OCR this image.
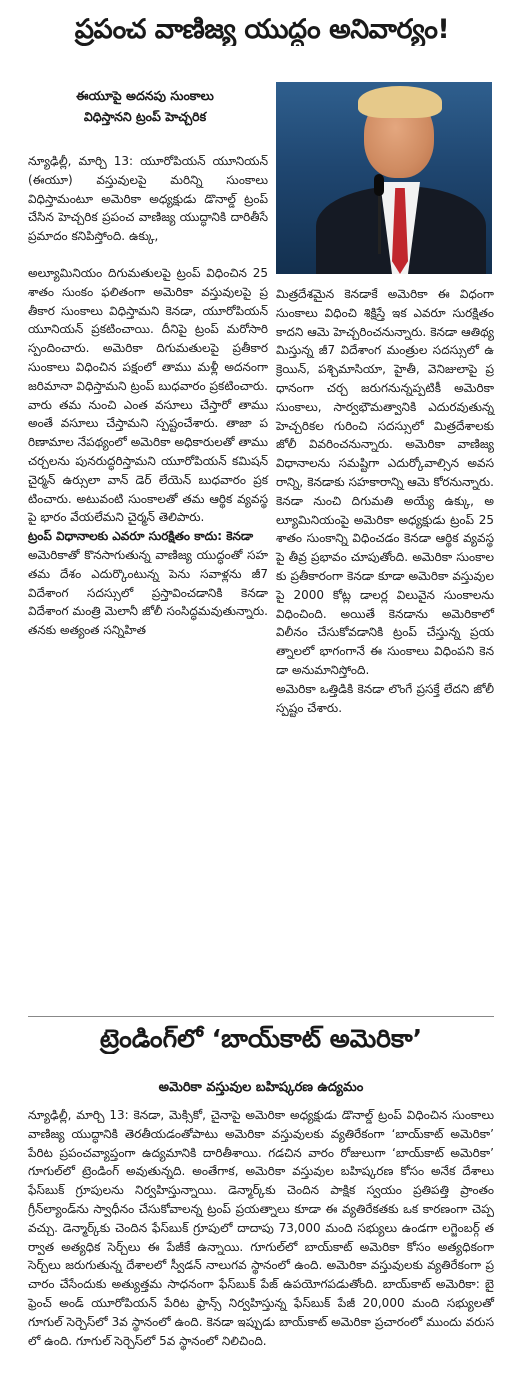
ప్రపంచ వాణిజ్య యుద్ధం అనివార్యం!
ఈయూపై అదనపు సుంకాలు
విధిస్తానని ట్రంప్ హెచ్చరిక

న్యూఢిల్లీ, మార్చి 13: యూరోపియన్ యూనియన్ (ఈయూ) వస్తువులపై మరిన్ని సుంకాలు విధిస్తామంటూ అమెరికా అధ్యక్షుడు డొనాల్డ్ ట్రంప్ చేసిన హెచ్చరిక ప్రపంచ వాణిజ్య యుద్ధానికి దారితీసే ప్రమాదం కనిపిస్తోంది. ఉక్కు,

అల్యూమినియం దిగుమతులపై ట్రంప్ విధించిన 25 శాతం సుంకం ఫలితంగా అమెరికా వస్తువులపై ప్రతీకార సుంకాలు విధిస్తామని కెనడా, యూరోపియన్ యూనియన్ ప్రకటించాయి. దీనిపై ట్రంప్ మరోసారి స్పందించారు. అమెరికా దిగుమతులపై ప్రతీకార సుంకాలు విధించిన పక్షంలో తాము మళ్లీ అదనంగా జరిమానా విధిస్తామని ట్రంప్ బుధవారం ప్రకటించారు. వారు తమ నుంచి ఎంత వసూలు చేస్తారో తాము అంతే వసూలు చేస్తామని స్పష్టంచేశారు. తాజా పరిణామాల నేపథ్యంలో అమెరికా అధికారులతో తాము చర్చలను పునరుద్ధరిస్తామని యూరోపియన్ కమిషన్ చైర్మన్ ఉర్సులా వాన్ డెర్ లేయెన్ బుధవారం ప్రకటించారు. అటువంటి సుంకాలతో తమ ఆర్థిక వ్యవస్థపై భారం వేయలేమని చైర్మన్ తెలిపారు.

ట్రంప్ విధానాలకు ఎవరూ సురక్షితం కాదు: కెనడా

అమెరికాతో కొనసాగుతున్న వాణిజ్య యుద్ధంతో సహ తమ దేశం ఎదుర్కొంటున్న పెను సవాళ్లను జీ7 విదేశాంగ సదస్సులో ప్రస్తావించడానికి కెనడా విదేశాంగ మంత్రి మెలానీ జోలీ సంసిద్ధమవుతున్నారు. తనకు అత్యంత సన్నిహిత

మిత్రదేశమైన కెనడాకే అమెరికా ఈ విధంగా సుంకాలు విధించి శిక్షిస్తే ఇక ఎవరూ సురక్షితం కాదని ఆమె హెచ్చరించనున్నారు. కెనడా ఆతిథ్యమిస్తున్న జీ7 విదేశాంగ మంత్రుల సదస్సులో ఉక్రెయిన్, పశ్చిమాసియా, హైతీ, వెనిజులాపై ప్రధానంగా చర్చ జరుగనున్నప్పటికీ అమెరికా సుంకాలు, సార్వభౌమత్వానికి ఎదురవుతున్న హెచ్చరికల గురించి సదస్సులో మిత్రదేశాలకు జోలీ వివరించనున్నారు. అమెరికా వాణిజ్య విధానాలను సమష్టిగా ఎదుర్కోవాల్సిన అవసరాన్ని, కెనడాకు సహకారాన్ని ఆమె కోరనున్నారు. కెనడా నుంచి దిగుమతి అయ్యే ఉక్కు, అల్యూమినియంపై అమెరికా అధ్యక్షుడు ట్రంప్ 25 శాతం సుంకాన్ని విధించడం కెనడా ఆర్థిక వ్యవస్థపై తీవ్ర ప్రభావం చూపుతోంది. అమెరికా సుంకాలకు ప్రతీకారంగా కెనడా కూడా అమెరికా వస్తువులపై 2000 కోట్ల డాలర్ల విలువైన సుంకాలను విధించింది. అయితే కెనడాను అమెరికాలో విలీనం చేసుకోవడానికి ట్రంప్ చేస్తున్న ప్రయత్నాలలో భాగంగానే ఈ సుంకాలు విధింపని కెనడా అనుమానిస్తోంది.

అమెరికా ఒత్తిడికి కెనడా లొంగే ప్రసక్తే లేదని జోలీ స్పష్టం చేశారు.

ట్రెండింగ్‌లో ‘బాయ్‌కాట్ అమెరికా’
అమెరికా వస్తువుల బహిష్కరణ ఉద్యమం

న్యూఢిల్లీ, మార్చి 13: కెనడా, మెక్సికో, చైనాపై అమెరికా అధ్యక్షుడు డొనాల్డ్ ట్రంప్ విధించిన సుంకాలు వాణిజ్య యుద్ధానికి తెరతీయడంతోపాటు అమెరికా వస్తువులకు వ్యతిరేకంగా ‘బాయ్‌కాట్ అమెరికా’ పేరిట ప్రపంచవ్యాప్తంగా ఉద్యమానికి దారితీశాయి. గడచిన వారం రోజులుగా ‘బాయ్‌కాట్ అమెరికా’ గూగుల్‌లో ట్రెండింగ్ అవుతున్నది. అంతేగాక, అమెరికా వస్తువుల బహిష్కరణ కోసం అనేక దేశాలు ఫేస్‌బుక్ గ్రూపులను నిర్వహిస్తున్నాయి. డెన్మార్క్‌కు చెందిన పాక్షిక స్వయం ప్రతిపత్తి ప్రాంతం గ్రీన్‌ల్యాండ్‌ను స్వాధీనం చేసుకోవాలన్న ట్రంప్ ప్రయత్నాలు కూడా ఈ వ్యతిరేకతకు ఒక కారణంగా చెప్పవచ్చు. డెన్మార్క్‌కు చెందిన ఫేస్‌బుక్ గ్రూపులో దాదాపు 73,000 మంది సభ్యులు ఉండగా లగ్జెంబర్గ్ తర్వాత అత్యధిక సెర్చ్‌లు ఈ పేజీకే ఉన్నాయి. గూగుల్‌లో బాయ్‌కాట్ అమెరికా కోసం అత్యధికంగా సెర్చ్‌లు జరుగుతున్న దేశాలలో స్వీడన్ నాలుగవ స్థానంలో ఉంది. అమెరికా వస్తువులకు వ్యతిరేకంగా ప్రచారం చేసేందుకు అత్యుత్తమ సాధనంగా ఫేస్‌బుక్ పేజ్ ఉపయోగపడుతోంది. బాయ్‌కాట్ అమెరికా: బై ఫ్రెంచ్ అండ్ యూరోపియన్ పేరిట ఫ్రాన్స్ నిర్వహిస్తున్న ఫేస్‌బుక్ పేజీ 20,000 మంది సభ్యులతో గూగుల్ సెర్చెస్‌లో 3వ స్థానంలో ఉంది. కెనడా ఇప్పుడు బాయ్‌కాట్ అమెరికా ప్రచారంలో ముందు వరుసలో ఉంది. గూగుల్ సెర్చెస్‌లో 5వ స్థానంలో నిలిచింది.
